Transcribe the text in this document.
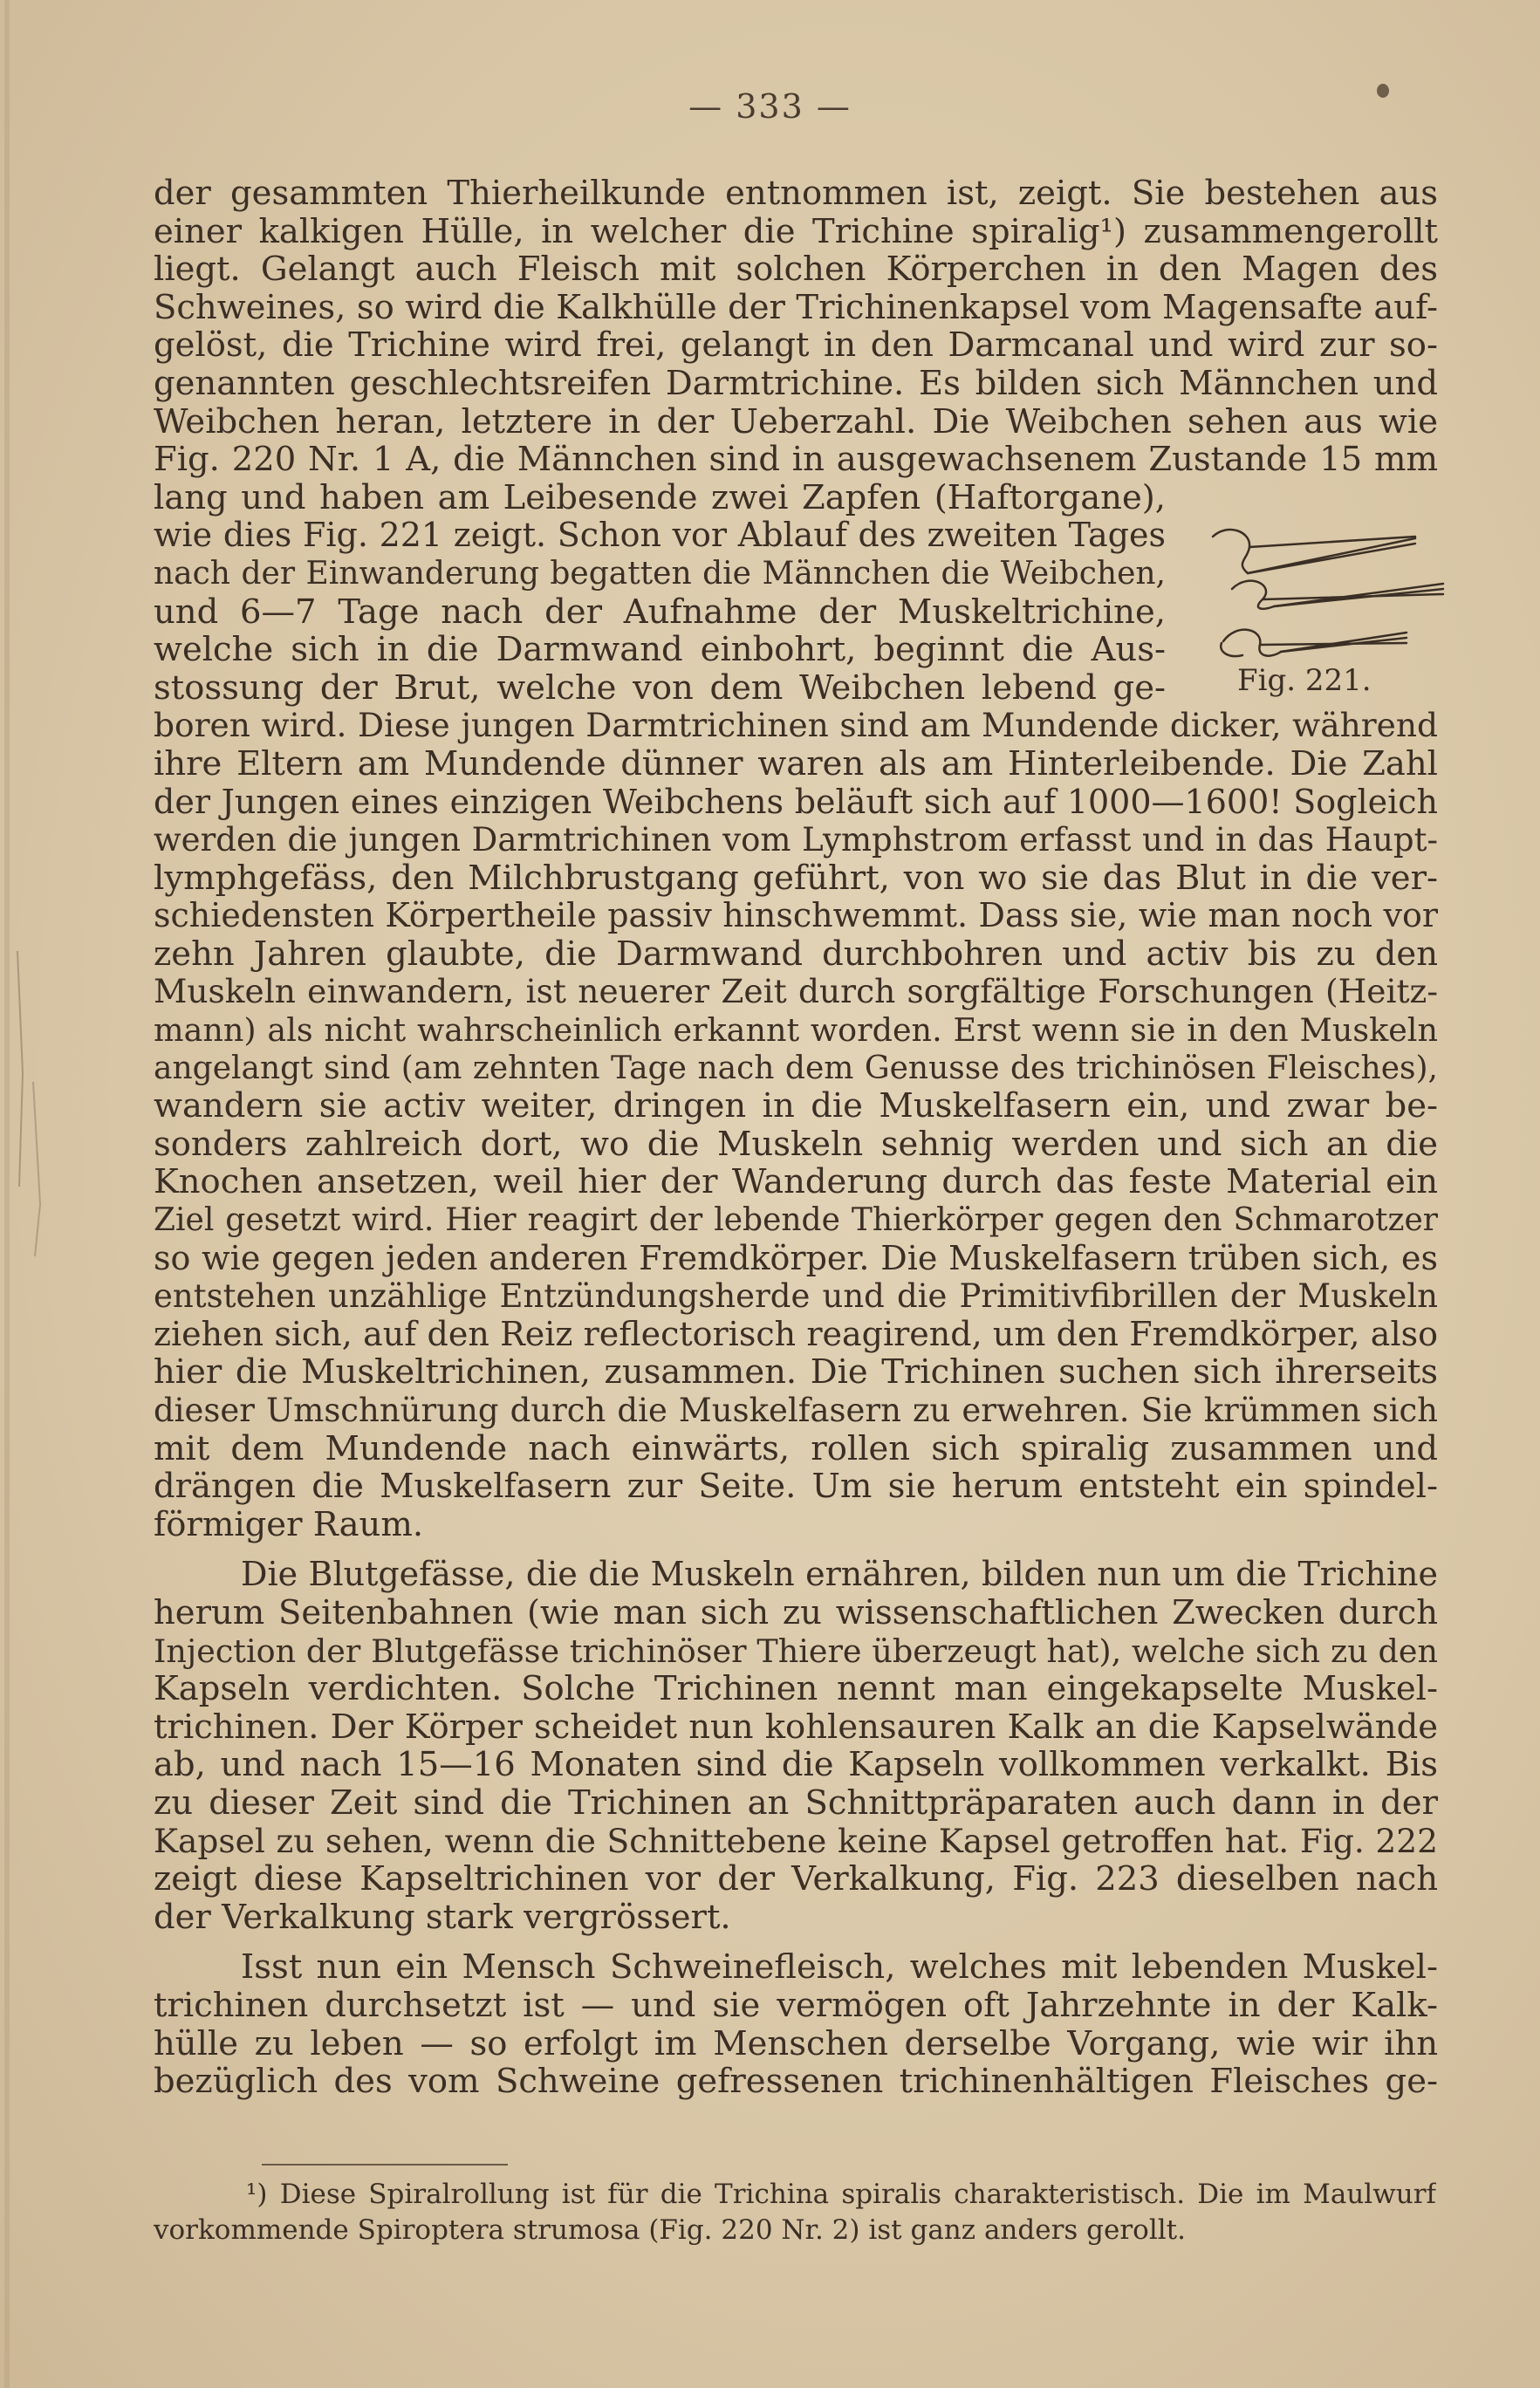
— 333 —
der gesammten Thierheilkunde entnommen ist, zeigt. Sie bestehen aus
einer kalkigen Hülle, in welcher die Trichine spiralig¹) zusammengerollt
liegt. Gelangt auch Fleisch mit solchen Körperchen in den Magen des
Schweines, so wird die Kalkhülle der Trichinenkapsel vom Magensafte auf-
gelöst, die Trichine wird frei, gelangt in den Darmcanal und wird zur so-
genannten geschlechtsreifen Darmtrichine. Es bilden sich Männchen und
Weibchen heran, letztere in der Ueberzahl. Die Weibchen sehen aus wie
Fig. 220 Nr. 1 A, die Männchen sind in ausgewachsenem Zustande 15 mm
lang und haben am Leibesende zwei Zapfen (Haftorgane),
wie dies Fig. 221 zeigt. Schon vor Ablauf des zweiten Tages
nach der Einwanderung begatten die Männchen die Weibchen,
und 6—7 Tage nach der Aufnahme der Muskeltrichine,
welche sich in die Darmwand einbohrt, beginnt die Aus-
stossung der Brut, welche von dem Weibchen lebend ge-
boren wird. Diese jungen Darmtrichinen sind am Mundende dicker, während
ihre Eltern am Mundende dünner waren als am Hinterleibende. Die Zahl
der Jungen eines einzigen Weibchens beläuft sich auf 1000—1600! Sogleich
werden die jungen Darmtrichinen vom Lymphstrom erfasst und in das Haupt-
lymphgefäss, den Milchbrustgang geführt, von wo sie das Blut in die ver-
schiedensten Körpertheile passiv hinschwemmt. Dass sie, wie man noch vor
zehn Jahren glaubte, die Darmwand durchbohren und activ bis zu den
Muskeln einwandern, ist neuerer Zeit durch sorgfältige Forschungen (Heitz-
mann) als nicht wahrscheinlich erkannt worden. Erst wenn sie in den Muskeln
angelangt sind (am zehnten Tage nach dem Genusse des trichinösen Fleisches),
wandern sie activ weiter, dringen in die Muskelfasern ein, und zwar be-
sonders zahlreich dort, wo die Muskeln sehnig werden und sich an die
Knochen ansetzen, weil hier der Wanderung durch das feste Material ein
Ziel gesetzt wird. Hier reagirt der lebende Thierkörper gegen den Schmarotzer
so wie gegen jeden anderen Fremdkörper. Die Muskelfasern trüben sich, es
entstehen unzählige Entzündungsherde und die Primitivfibrillen der Muskeln
ziehen sich, auf den Reiz reflectorisch reagirend, um den Fremdkörper, also
hier die Muskeltrichinen, zusammen. Die Trichinen suchen sich ihrerseits
dieser Umschnürung durch die Muskelfasern zu erwehren. Sie krümmen sich
mit dem Mundende nach einwärts, rollen sich spiralig zusammen und
drängen die Muskelfasern zur Seite. Um sie herum entsteht ein spindel-
förmiger Raum.
Die Blutgefässe, die die Muskeln ernähren, bilden nun um die Trichine
herum Seitenbahnen (wie man sich zu wissenschaftlichen Zwecken durch
Injection der Blutgefässe trichinöser Thiere überzeugt hat), welche sich zu den
Kapseln verdichten. Solche Trichinen nennt man eingekapselte Muskel-
trichinen. Der Körper scheidet nun kohlensauren Kalk an die Kapselwände
ab, und nach 15—16 Monaten sind die Kapseln vollkommen verkalkt. Bis
zu dieser Zeit sind die Trichinen an Schnittpräparaten auch dann in der
Kapsel zu sehen, wenn die Schnittebene keine Kapsel getroffen hat. Fig. 222
zeigt diese Kapseltrichinen vor der Verkalkung, Fig. 223 dieselben nach
der Verkalkung stark vergrössert.
Isst nun ein Mensch Schweinefleisch, welches mit lebenden Muskel-
trichinen durchsetzt ist — und sie vermögen oft Jahrzehnte in der Kalk-
hülle zu leben — so erfolgt im Menschen derselbe Vorgang, wie wir ihn
bezüglich des vom Schweine gefressenen trichinenhältigen Fleisches ge-
Fig. 221.
¹) Diese Spiralrollung ist für die Trichina spiralis charakteristisch. Die im Maulwurf
vorkommende Spiroptera strumosa (Fig. 220 Nr. 2) ist ganz anders gerollt.
